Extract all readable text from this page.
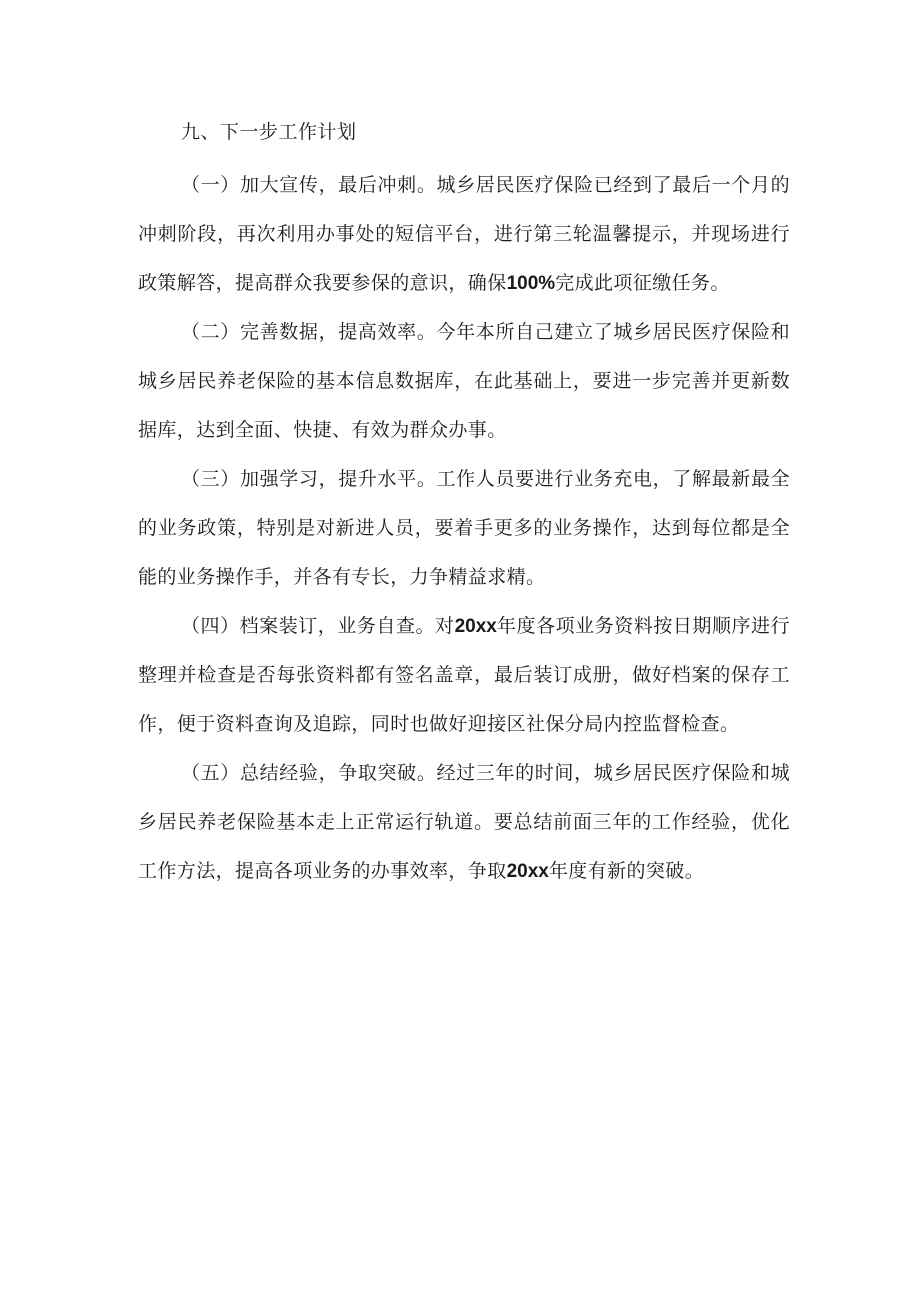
九、下一步工作计划

（一）加大宣传，最后冲刺。城乡居民医疗保险已经到了最后一个月的冲刺阶段，再次利用办事处的短信平台，进行第三轮温馨提示，并现场进行政策解答，提高群众我要参保的意识，确保100%完成此项征缴任务。

（二）完善数据，提高效率。今年本所自己建立了城乡居民医疗保险和城乡居民养老保险的基本信息数据库，在此基础上，要进一步完善并更新数据库，达到全面、快捷、有效为群众办事。

（三）加强学习，提升水平。工作人员要进行业务充电，了解最新最全的业务政策，特别是对新进人员，要着手更多的业务操作，达到每位都是全能的业务操作手，并各有专长，力争精益求精。

（四）档案装订，业务自查。对20xx年度各项业务资料按日期顺序进行整理并检查是否每张资料都有签名盖章，最后装订成册，做好档案的保存工作，便于资料查询及追踪，同时也做好迎接区社保分局内控监督检查。

（五）总结经验，争取突破。经过三年的时间，城乡居民医疗保险和城乡居民养老保险基本走上正常运行轨道。要总结前面三年的工作经验，优化工作方法，提高各项业务的办事效率，争取20xx年度有新的突破。
